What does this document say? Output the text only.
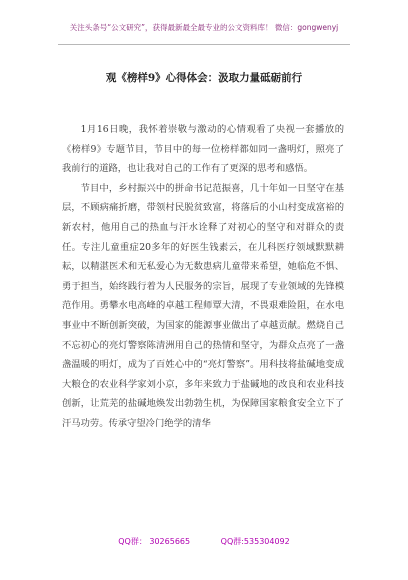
关注头条号“公文研究”，获得最新最全最专业的公文资料库！ 微信：gongwenyj
观《榜样9》心得体会：汲取力量砥砺前行

1月16日晚，我怀着崇敬与激动的心情观看了央视一套播放的《榜样9》专题节目，节目中的每一位榜样都如同一盏明灯，照亮了我前行的道路，也让我对自己的工作有了更深的思考和感悟。

节目中，乡村振兴中的拼命书记范振喜，几十年如一日坚守在基层，不顾病痛折磨，带领村民脱贫致富，将落后的小山村变成富裕的新农村，他用自己的热血与汗水诠释了对初心的坚守和对群众的责任。专注儿童重症20多年的好医生钱素云，在儿科医疗领域默默耕耘，以精湛医术和无私爱心为无数患病儿童带来希望，她临危不惧、勇于担当，始终践行着为人民服务的宗旨，展现了专业领域的先锋模范作用。勇攀水电高峰的卓越工程师覃大清，不畏艰难险阻，在水电事业中不断创新突破，为国家的能源事业做出了卓越贡献。燃烧自己不忘初心的亮灯警察陈清洲用自己的热情和坚守，为群众点亮了一盏盏温暖的明灯，成为了百姓心中的“亮灯警察”。用科技将盐碱地变成大粮仓的农业科学家刘小京，多年来致力于盐碱地的改良和农业科技创新，让荒芜的盐碱地焕发出勃勃生机，为保障国家粮食安全立下了汗马功劳。传承守望冷门绝学的清华

QQ群： 30265665	QQ群:535304092
